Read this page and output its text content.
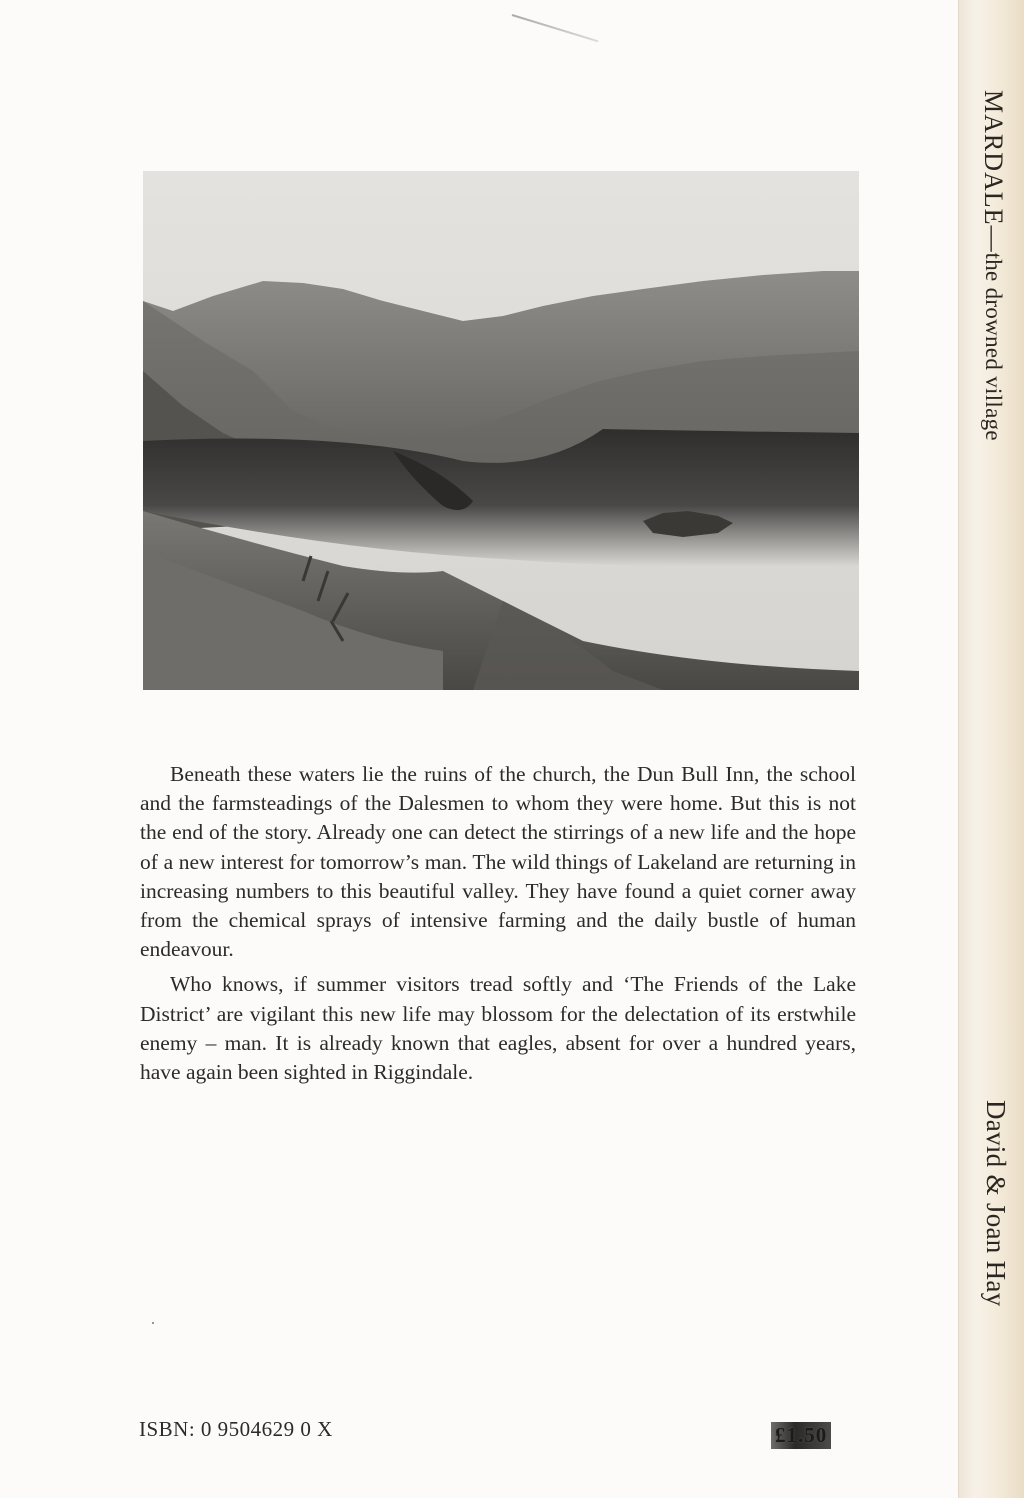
MARDALE—the drowned village
David & Joan Hay

Beneath these waters lie the ruins of the church, the Dun Bull Inn, the school and the farmsteadings of the Dalesmen to whom they were home. But this is not the end of the story. Already one can detect the stirrings of a new life and the hope of a new interest for tomorrow’s man. The wild things of Lakeland are returning in increasing numbers to this beautiful valley. They have found a quiet corner away from the chemical sprays of intensive farming and the daily bustle of human endeavour.

Who knows, if summer visitors tread softly and ‘The Friends of the Lake District’ are vigilant this new life may blossom for the delectation of its erstwhile enemy – man. It is already known that eagles, absent for over a hundred years, have again been sighted in Riggindale.

ISBN: 0 9504629 0 X	£1.50
